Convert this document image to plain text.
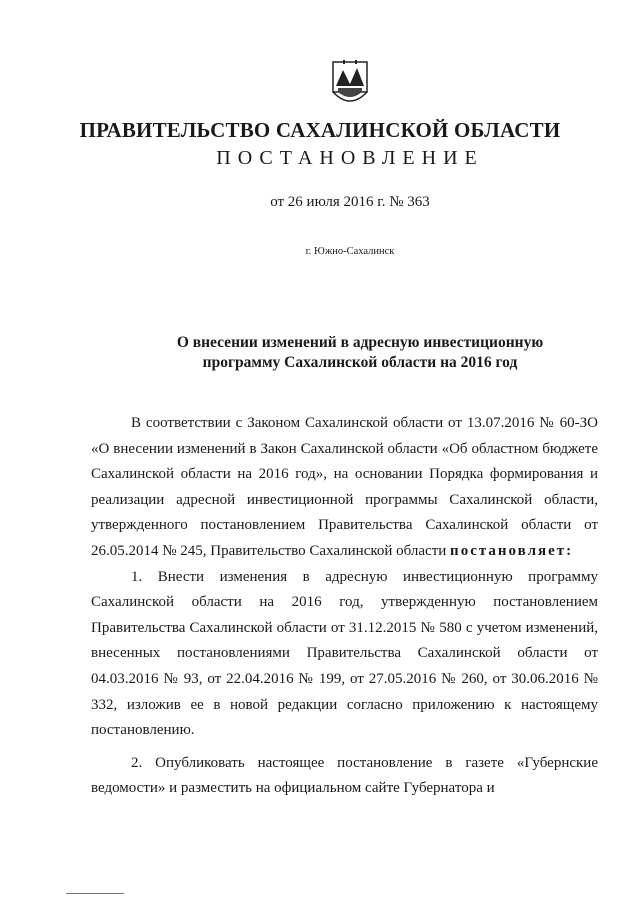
ПРАВИТЕЛЬСТВО САХАЛИНСКОЙ ОБЛАСТИ
ПОСТАНОВЛЕНИЕ
от 26 июля 2016 г. № 363
г. Южно-Сахалинск
О внесении изменений в адресную инвестиционную
программу Сахалинской области на 2016 год

В соответствии с Законом Сахалинской области от 13.07.2016 № 60-ЗО «О внесении изменений в Закон Сахалинской области «Об областном бюджете Сахалинской области на 2016 год», на основании Порядка формирования и реализации адресной инвестиционной программы Сахалинской области, утвержденного постановлением Правительства Сахалинской области от 26.05.2014 № 245, Правительство Сахалинской области постановляет:

1. Внести изменения в адресную инвестиционную программу Сахалинской области на 2016 год, утвержденную постановлением Правительства Сахалинской области от 31.12.2015 № 580 с учетом изменений, внесенных постановлениями Правительства Сахалинской области от 04.03.2016 № 93, от 22.04.2016 № 199, от 27.05.2016 № 260, от 30.06.2016 № 332, изложив ее в новой редакции согласно приложению к настоящему постановлению.

2. Опубликовать настоящее постановление в газете «Губернские ведомости» и разместить на официальном сайте Губернатора и
